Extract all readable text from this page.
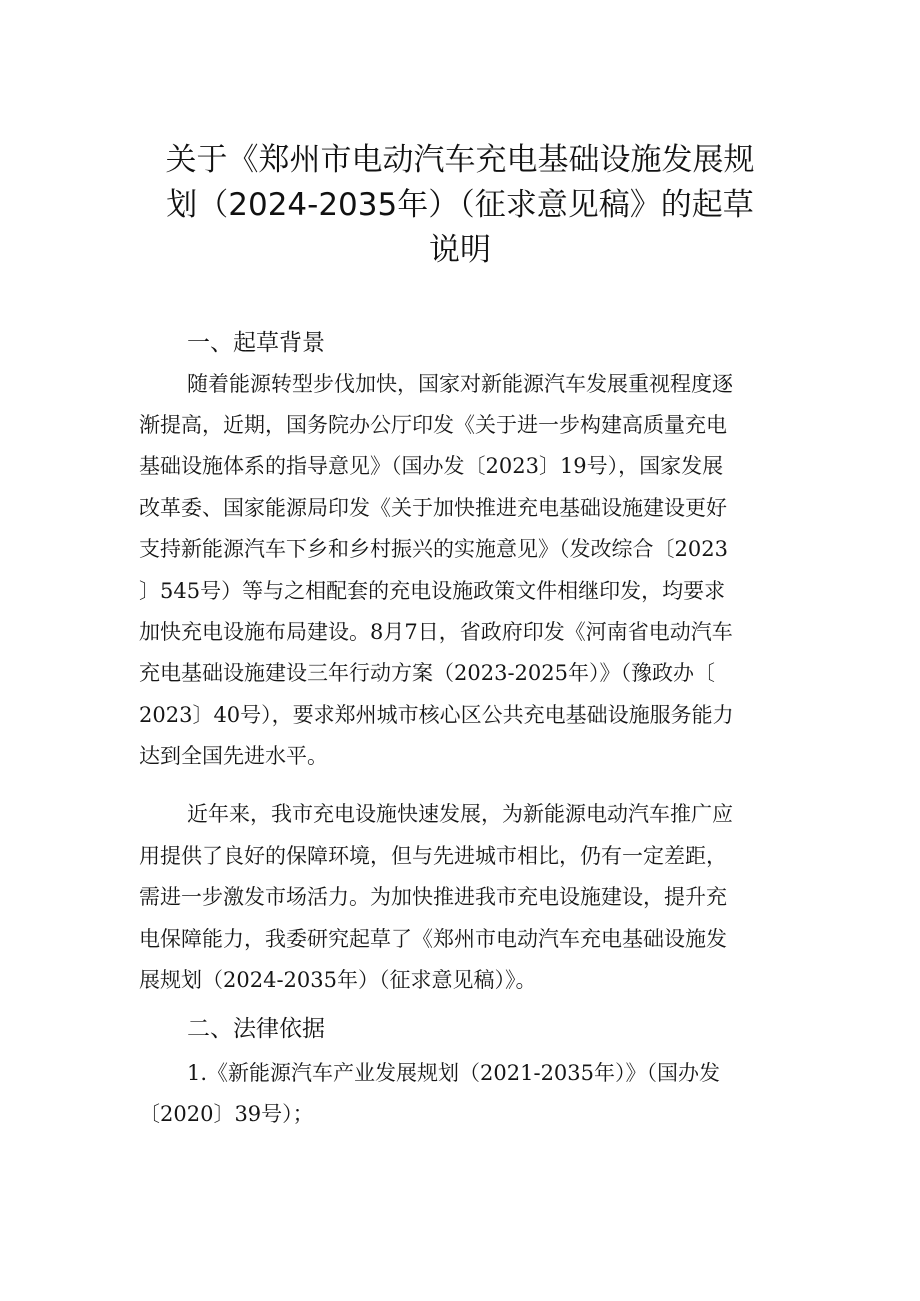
关于《郑州市电动汽车充电基础设施发展规
划（2024-2035年）（征求意见稿》的起草
说明
一、起草背景

随着能源转型步伐加快，国家对新能源汽车发展重视程度逐

渐提高，近期，国务院办公厅印发《关于进一步构建高质量充电

基础设施体系的指导意见》（国办发〔2023〕19号），国家发展

改革委、国家能源局印发《关于加快推进充电基础设施建设更好

支持新能源汽车下乡和乡村振兴的实施意见》（发改综合〔2023

〕545号）等与之相配套的充电设施政策文件相继印发，均要求

加快充电设施布局建设。8月7日，省政府印发《河南省电动汽车

充电基础设施建设三年行动方案（2023-2025年）》（豫政办〔

2023〕40号），要求郑州城市核心区公共充电基础设施服务能力

达到全国先进水平。

近年来，我市充电设施快速发展，为新能源电动汽车推广应

用提供了良好的保障环境，但与先进城市相比，仍有一定差距，

需进一步激发市场活力。为加快推进我市充电设施建设，提升充

电保障能力，我委研究起草了《郑州市电动汽车充电基础设施发

展规划（2024-2035年）（征求意见稿）》。

二、法律依据

1.《新能源汽车产业发展规划（2021-2035年）》（国办发

〔2020〕39号）；
